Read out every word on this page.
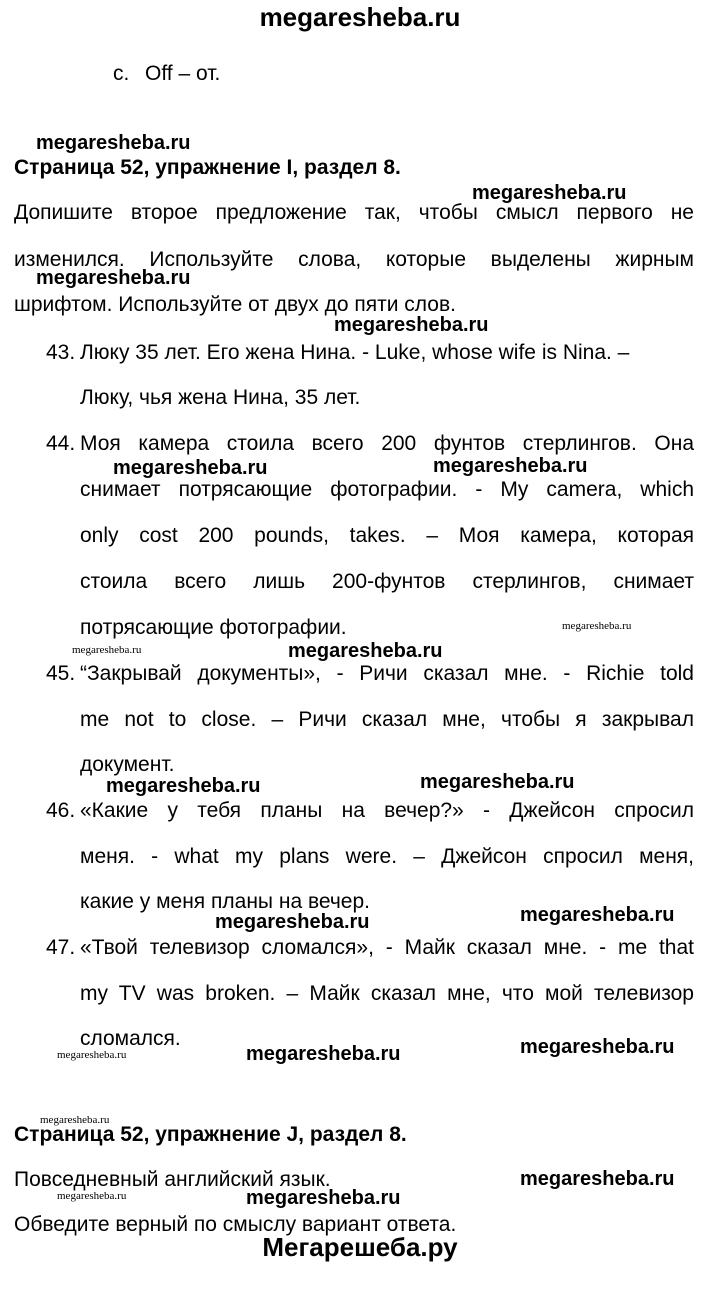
megaresheba.ru
c. Off – от.
Страница 52, упражнение I, раздел 8.
Допишите второе предложение так, чтобы смысл первого не
изменился. Используйте слова, которые выделены жирным
шрифтом. Используйте от двух до пяти слов.
43. Люку 35 лет. Его жена Нина. - Luke, whose wife is Nina. –
Люку, чья жена Нина, 35 лет.
44. Моя камера стоила всего 200 фунтов стерлингов. Она
снимает потрясающие фотографии. - My camera, which
only cost 200 pounds, takes. – Моя камера, которая
стоила всего лишь 200-фунтов стерлингов, снимает
потрясающие фотографии.
45. “Закрывай документы», - Ричи сказал мне. - Richie told
me not to close. – Ричи сказал мне, чтобы я закрывал
документ.
46. «Какие у тебя планы на вечер?» - Джейсон спросил
меня. - what my plans were. – Джейсон спросил меня,
какие у меня планы на вечер.
47. «Твой телевизор сломался», - Майк сказал мне. - me that
my TV was broken. – Майк сказал мне, что мой телевизор
сломался.
Страница 52, упражнение J, раздел 8.
Повседневный английский язык.
Обведите верный по смыслу вариант ответа.
megaresheba.ru
megaresheba.ru
megaresheba.ru
megaresheba.ru
megaresheba.ru	megaresheba.ru
megaresheba.ru
megaresheba.ru	megaresheba.ru
megaresheba.ru	megaresheba.ru
megaresheba.ru	megaresheba.ru
megaresheba.ru
megaresheba.ru
megaresheba.ru
megaresheba.ru
megaresheba.ru
megaresheba.ru
megaresheba.ru
Мегарешеба.ру
